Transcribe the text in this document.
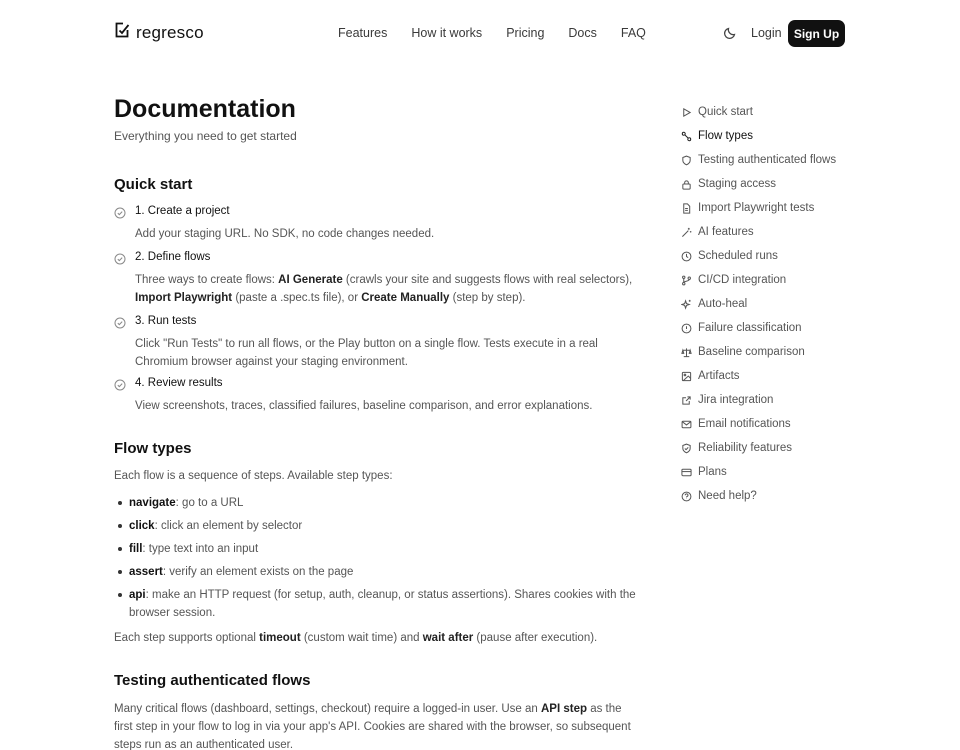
regresco	Features How it works Pricing Docs FAQ	Login	Sign Up
Documentation
Everything you need to get started
Quick start
1. Create a project
Add your staging URL. No SDK, no code changes needed.
2. Define flows
Three ways to create flows: AI Generate (crawls your site and suggests flows with real selectors), Import Playwright (paste a .spec.ts file), or Create Manually (step by step).
3. Run tests
Click "Run Tests" to run all flows, or the Play button on a single flow. Tests execute in a real Chromium browser against your staging environment.
4. Review results
View screenshots, traces, classified failures, baseline comparison, and error explanations.
Flow types
Each flow is a sequence of steps. Available step types:
navigate: go to a URL
click: click an element by selector
fill: type text into an input
assert: verify an element exists on the page
api: make an HTTP request (for setup, auth, cleanup, or status assertions). Shares cookies with the browser session.
Each step supports optional timeout (custom wait time) and wait after (pause after execution).
Testing authenticated flows
Many critical flows (dashboard, settings, checkout) require a logged-in user. Use an API step as the first step in your flow to log in via your app's API. Cookies are shared with the browser, so subsequent steps run as an authenticated user.
Quick start
Flow types
Testing authenticated flows
Staging access
Import Playwright tests
AI features
Scheduled runs
CI/CD integration
Auto-heal
Failure classification
Baseline comparison
Artifacts
Jira integration
Email notifications
Reliability features
Plans
Need help?
